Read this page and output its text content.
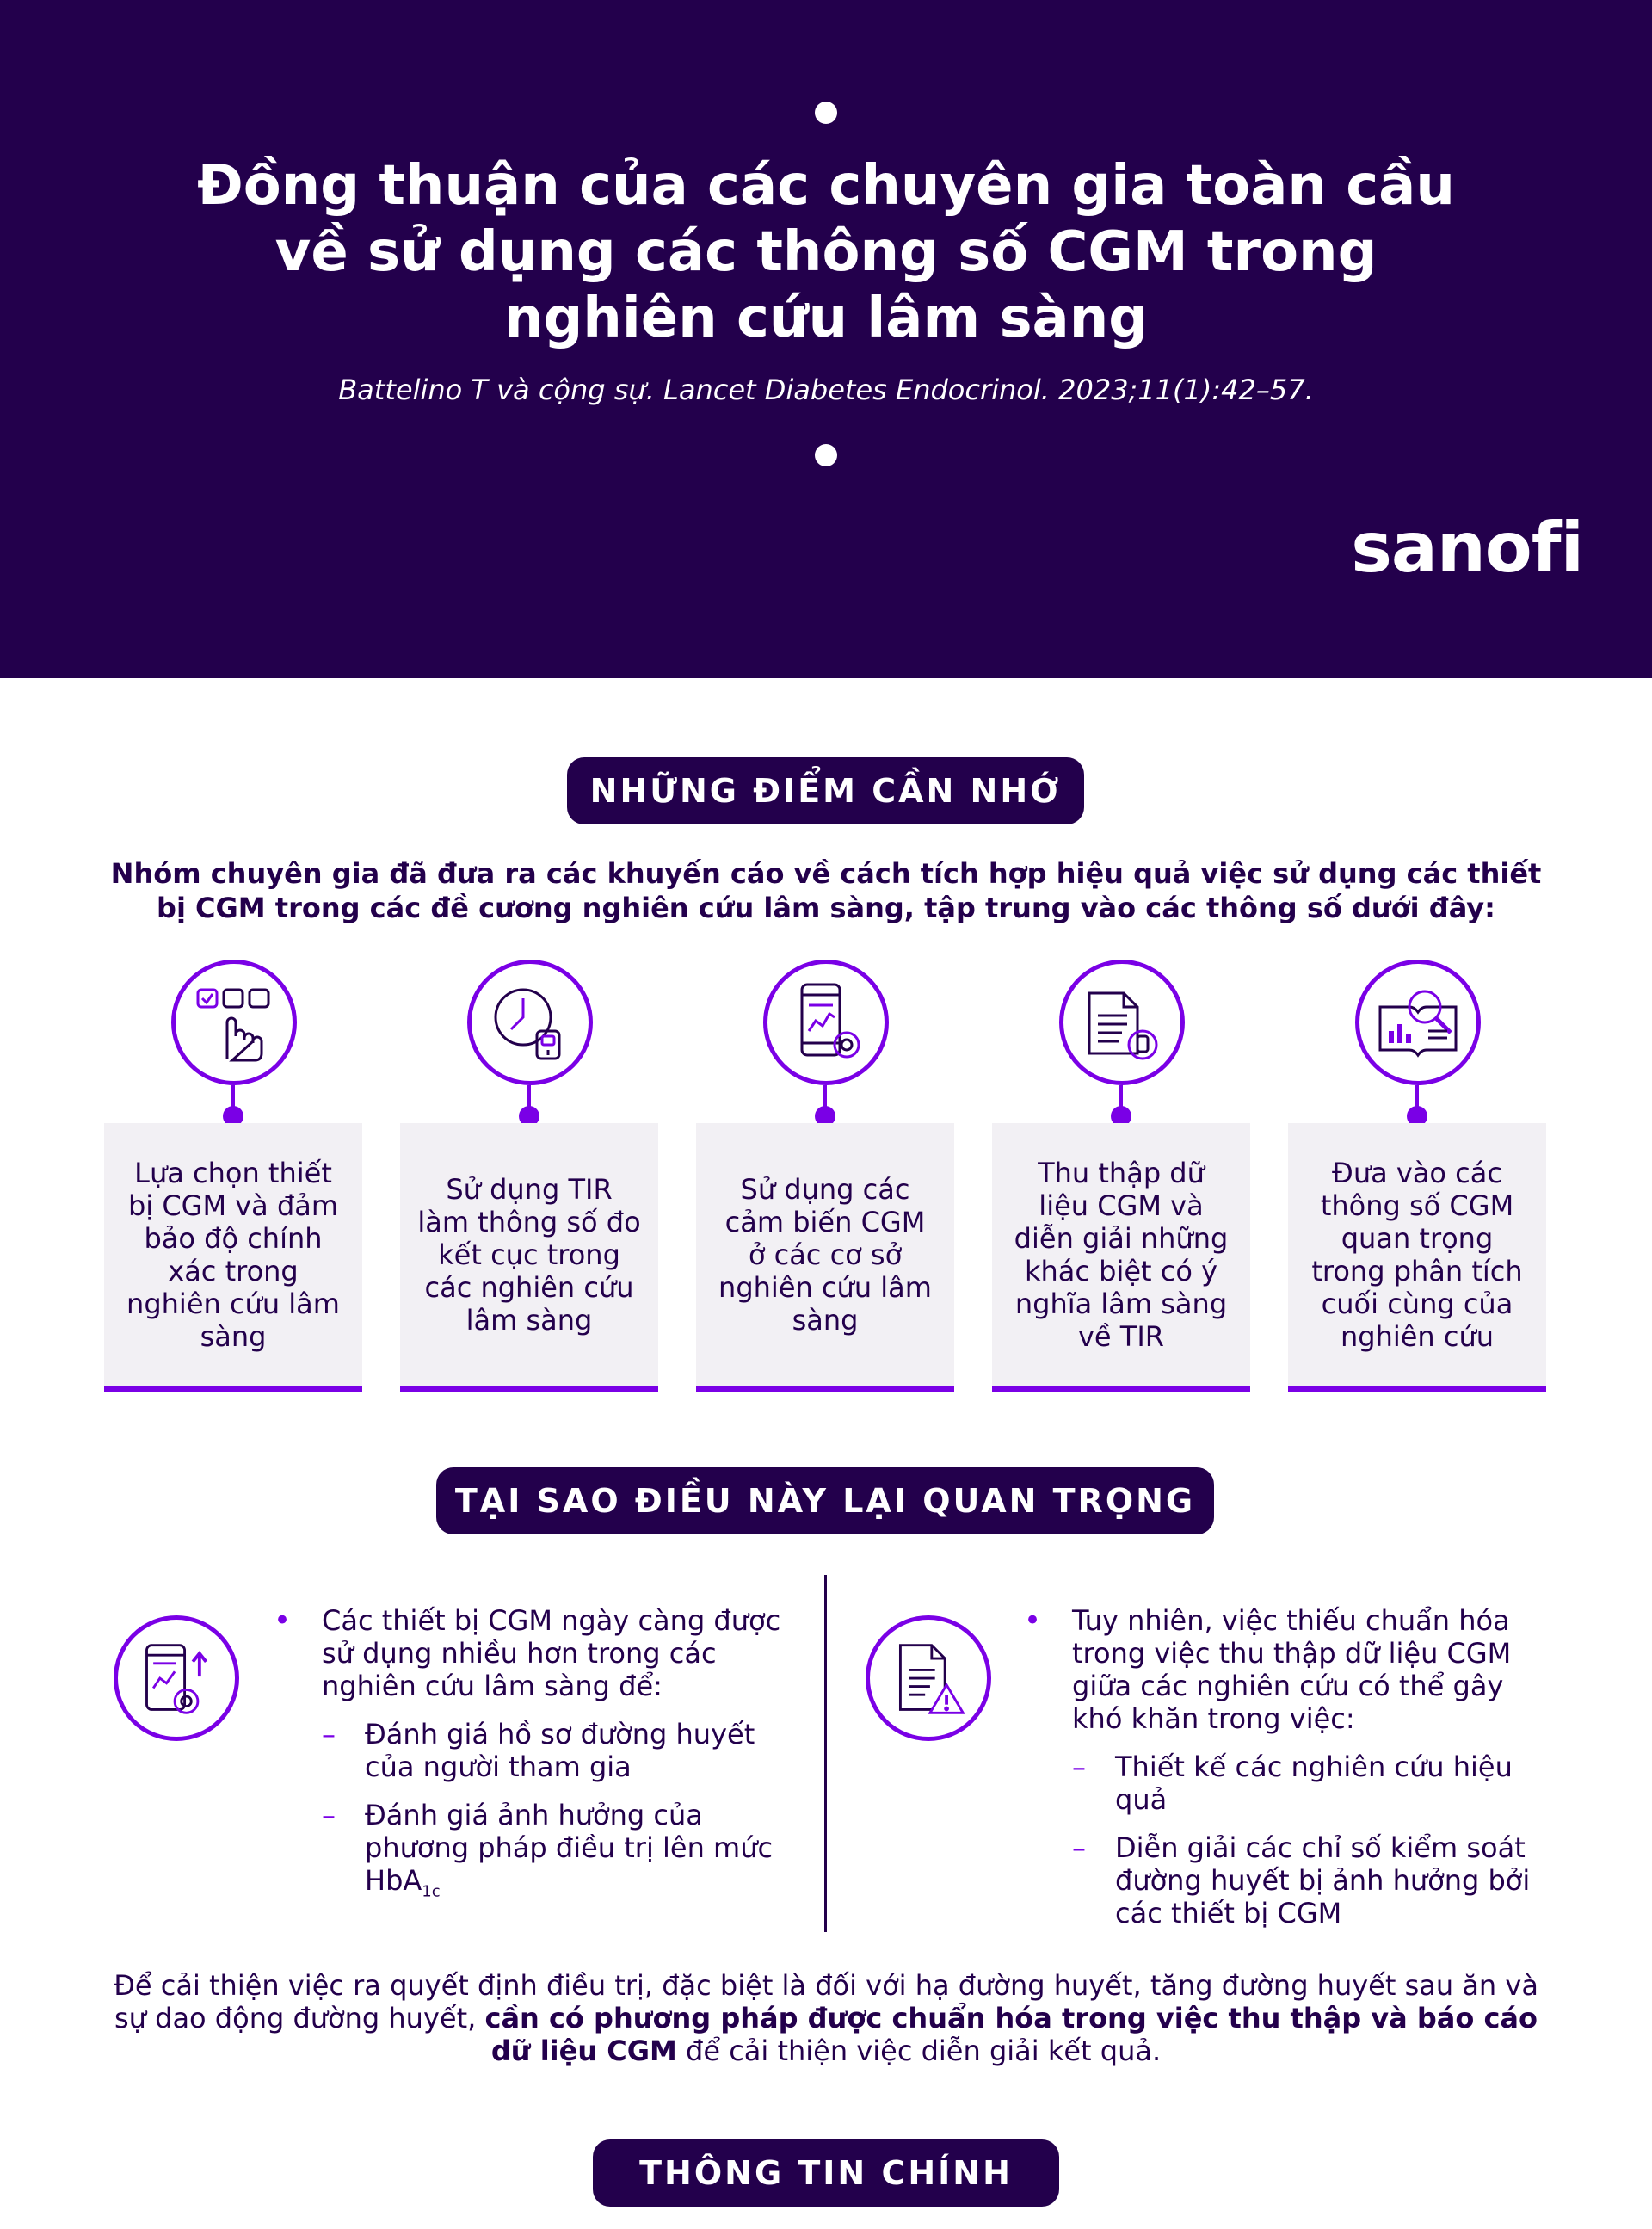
Đồng thuận của các chuyên gia toàn cầu
về sử dụng các thông số CGM trong
nghiên cứu lâm sàng
Battelino T và cộng sự. Lancet Diabetes Endocrinol. 2023;11(1):42–57.
sanofi
NHỮNG ĐIỂM CẦN NHỚ
Nhóm chuyên gia đã đưa ra các khuyến cáo về cách tích hợp hiệu quả việc sử dụng các thiết
bị CGM trong các đề cương nghiên cứu lâm sàng, tập trung vào các thông số dưới đây:
Lựa chọn thiết bị CGM và đảm bảo độ chính xác trong nghiên cứu lâm sàng
Sử dụng TIR làm thông số đo kết cục trong các nghiên cứu lâm sàng
Sử dụng các cảm biến CGM ở các cơ sở nghiên cứu lâm sàng
Thu thập dữ liệu CGM và diễn giải những khác biệt có ý nghĩa lâm sàng về TIR
Đưa vào các thông số CGM quan trọng trong phân tích cuối cùng của nghiên cứu
TẠI SAO ĐIỀU NÀY LẠI QUAN TRỌNG
• Các thiết bị CGM ngày càng được sử dụng nhiều hơn trong các nghiên cứu lâm sàng để:
– Đánh giá hồ sơ đường huyết của người tham gia
– Đánh giá ảnh hưởng của phương pháp điều trị lên mức HbA$_{1c}$
• Tuy nhiên, việc thiếu chuẩn hóa trong việc thu thập dữ liệu CGM giữa các nghiên cứu có thể gây khó khăn trong việc:
– Thiết kế các nghiên cứu hiệu quả
– Diễn giải các chỉ số kiểm soát đường huyết bị ảnh hưởng bởi các thiết bị CGM
Để cải thiện việc ra quyết định điều trị, đặc biệt là đối với hạ đường huyết, tăng đường huyết sau ăn và sự dao động đường huyết, cần có phương pháp được chuẩn hóa trong việc thu thập và báo cáo dữ liệu CGM để cải thiện việc diễn giải kết quả.
THÔNG TIN CHÍNH
